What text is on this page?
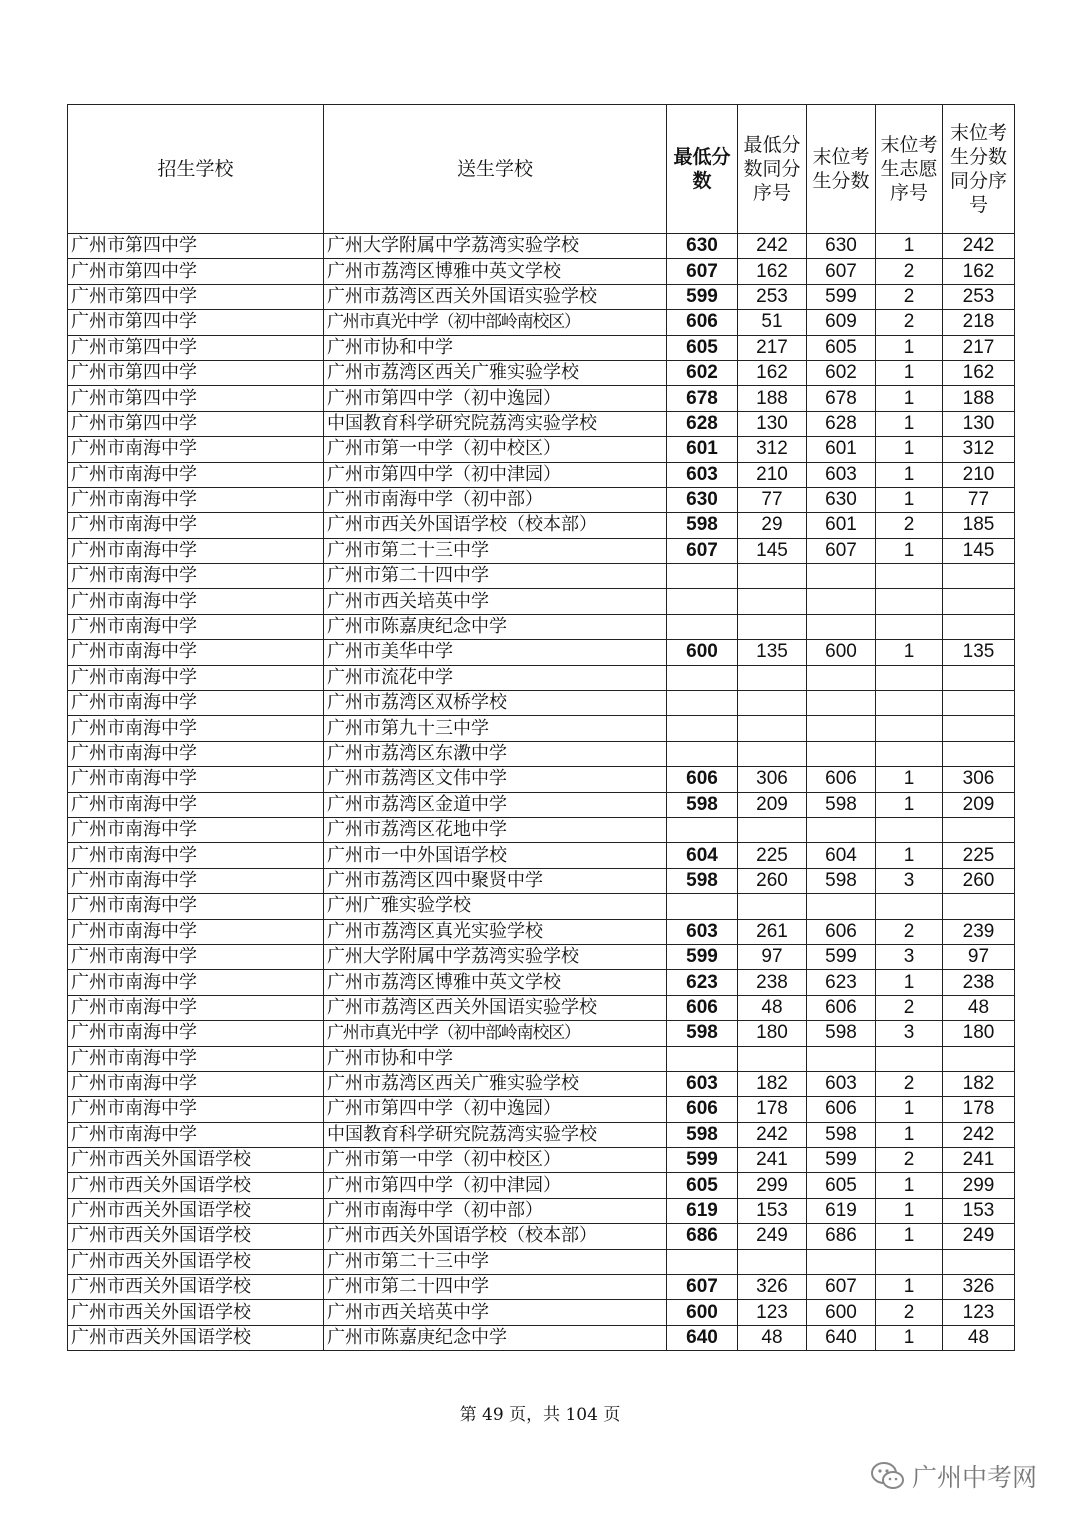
招生学校	送生学校	最低分数	最低分数同分序号	末位考生分数	末位考生志愿序号	末位考生分数同分序号
广州市第四中学	广州大学附属中学荔湾实验学校	630	242	630	1	242
广州市第四中学	广州市荔湾区博雅中英文学校	607	162	607	2	162
广州市第四中学	广州市荔湾区西关外国语实验学校	599	253	599	2	253
广州市第四中学	广州市真光中学（初中部岭南校区）	606	51	609	2	218
广州市第四中学	广州市协和中学	605	217	605	1	217
广州市第四中学	广州市荔湾区西关广雅实验学校	602	162	602	1	162
广州市第四中学	广州市第四中学（初中逸园）	678	188	678	1	188
广州市第四中学	中国教育科学研究院荔湾实验学校	628	130	628	1	130
广州市南海中学	广州市第一中学（初中校区）	601	312	601	1	312
广州市南海中学	广州市第四中学（初中津园）	603	210	603	1	210
广州市南海中学	广州市南海中学（初中部）	630	77	630	1	77
广州市南海中学	广州市西关外国语学校（校本部）	598	29	601	2	185
广州市南海中学	广州市第二十三中学	607	145	607	1	145
广州市南海中学	广州市第二十四中学					
广州市南海中学	广州市西关培英中学					
广州市南海中学	广州市陈嘉庚纪念中学					
广州市南海中学	广州市美华中学	600	135	600	1	135
广州市南海中学	广州市流花中学					
广州市南海中学	广州市荔湾区双桥学校					
广州市南海中学	广州市第九十三中学					
广州市南海中学	广州市荔湾区东漖中学					
广州市南海中学	广州市荔湾区文伟中学	606	306	606	1	306
广州市南海中学	广州市荔湾区金道中学	598	209	598	1	209
广州市南海中学	广州市荔湾区花地中学					
广州市南海中学	广州市一中外国语学校	604	225	604	1	225
广州市南海中学	广州市荔湾区四中聚贤中学	598	260	598	3	260
广州市南海中学	广州广雅实验学校					
广州市南海中学	广州市荔湾区真光实验学校	603	261	606	2	239
广州市南海中学	广州大学附属中学荔湾实验学校	599	97	599	3	97
广州市南海中学	广州市荔湾区博雅中英文学校	623	238	623	1	238
广州市南海中学	广州市荔湾区西关外国语实验学校	606	48	606	2	48
广州市南海中学	广州市真光中学（初中部岭南校区）	598	180	598	3	180
广州市南海中学	广州市协和中学					
广州市南海中学	广州市荔湾区西关广雅实验学校	603	182	603	2	182
广州市南海中学	广州市第四中学（初中逸园）	606	178	606	1	178
广州市南海中学	中国教育科学研究院荔湾实验学校	598	242	598	1	242
广州市西关外国语学校	广州市第一中学（初中校区）	599	241	599	2	241
广州市西关外国语学校	广州市第四中学（初中津园）	605	299	605	1	299
广州市西关外国语学校	广州市南海中学（初中部）	619	153	619	1	153
广州市西关外国语学校	广州市西关外国语学校（校本部）	686	249	686	1	249
广州市西关外国语学校	广州市第二十三中学					
广州市西关外国语学校	广州市第二十四中学	607	326	607	1	326
广州市西关外国语学校	广州市西关培英中学	600	123	600	2	123
广州市西关外国语学校	广州市陈嘉庚纪念中学	640	48	640	1	48
第 49 页，共 104 页
广州中考网
